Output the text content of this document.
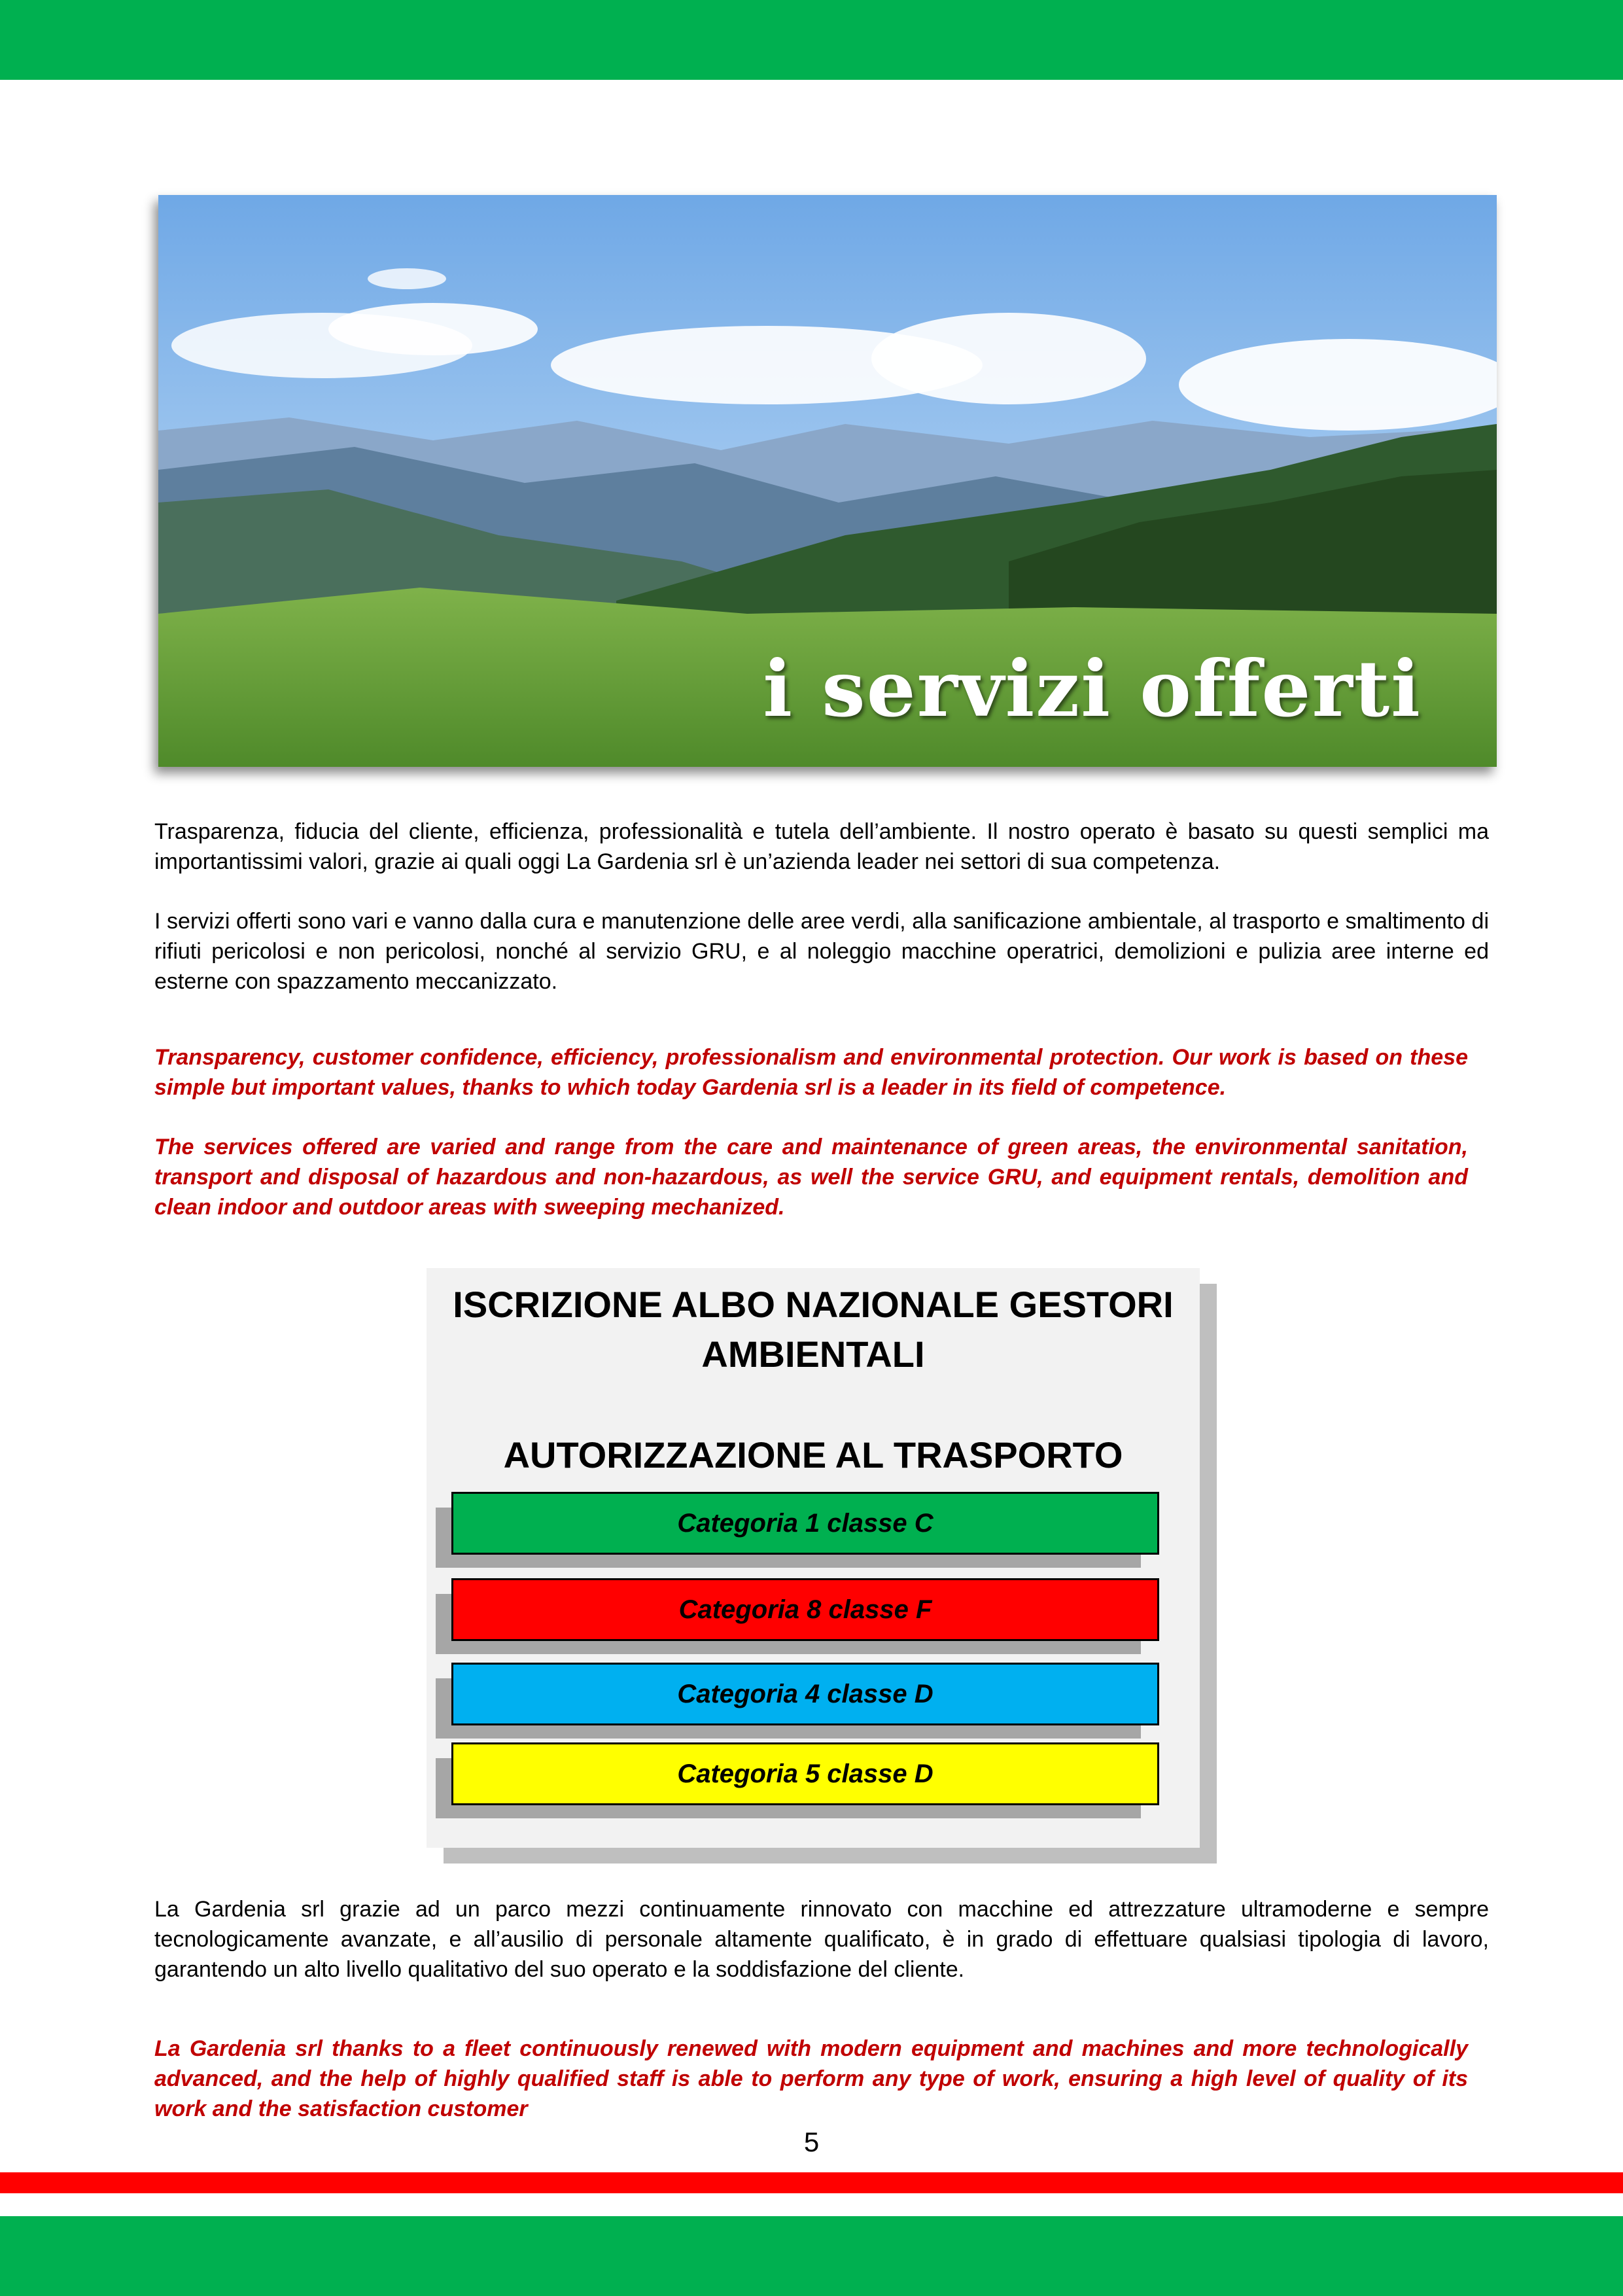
i servizi offerti

Trasparenza, fiducia del cliente, efficienza, professionalità e tutela dell’ambiente. Il nostro operato è basato su questi semplici ma importantissimi valori, grazie ai quali oggi La Gardenia srl è un’azienda leader nei settori di sua competenza.

I servizi offerti sono vari e vanno dalla cura e manutenzione delle aree verdi, alla sanificazione ambientale, al trasporto e smaltimento di rifiuti pericolosi e non pericolosi, nonché al servizio GRU, e al noleggio macchine operatrici, demolizioni e pulizia aree interne ed esterne con spazzamento meccanizzato.

Transparency, customer confidence, efficiency, professionalism and environmental protection. Our work is based on these simple but important values, thanks to which today Gardenia srl is a leader in its field of competence.

The services offered are varied and range from the care and maintenance of green areas, the environmental sanitation, transport and disposal of hazardous and non-hazardous, as well the service GRU, and equipment rentals, demolition and clean indoor and outdoor areas with sweeping mechanized.

ISCRIZIONE ALBO NAZIONALE GESTORI AMBIENTALI
AUTORIZZAZIONE AL TRASPORTO
Categoria 1 classe C
Categoria 8 classe F
Categoria 4 classe D
Categoria 5 classe D

La Gardenia srl grazie ad un parco mezzi continuamente rinnovato con macchine ed attrezzature ultramoderne e sempre tecnologicamente avanzate, e all’ausilio di personale altamente qualificato, è in grado di effettuare qualsiasi tipologia di lavoro, garantendo un alto livello qualitativo del suo operato e la soddisfazione del cliente.

La Gardenia srl thanks to a fleet continuously renewed with modern equipment and machines and more technologically advanced, and the help of highly qualified staff is able to perform any type of work, ensuring a high level of quality of its work and the satisfaction customer

5
